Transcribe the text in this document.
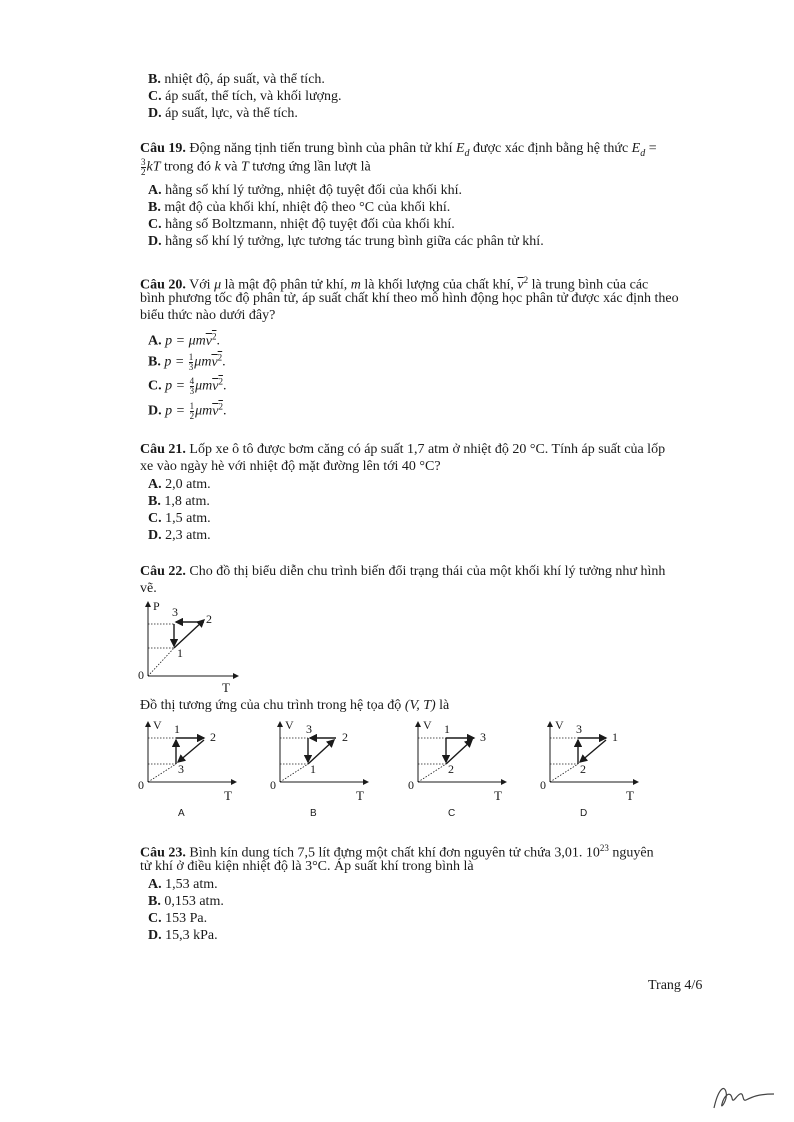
B. nhiệt độ, áp suất, và thể tích.
C. áp suất, thể tích, và khối lượng.
D. áp suất, lực, và thể tích.
Câu 19. Động năng tịnh tiến trung bình của phân tử khí $E_d$ được xác định bằng hệ thức $E_d$ =
$\frac{3}{2}$ kT trong đó k và T tương ứng lần lượt là
A. hằng số khí lý tưởng, nhiệt độ tuyệt đối của khối khí.
B. mật độ của khối khí, nhiệt độ theo °C của khối khí.
C. hằng số Boltzmann, nhiệt độ tuyệt đối của khối khí.
D. hằng số khí lý tưởng, lực tương tác trung bình giữa các phân tử khí.
Câu 20. Với μ là mật độ phân tử khí, m là khối lượng của chất khí, $\overline{v}^2$ là trung bình của các
bình phương tốc độ phân tử, áp suất chất khí theo mô hình động học phân tử được xác định theo
biểu thức nào dưới đây?
A. p = μmv$^2$.
B. $p = \frac{1}{3} \mu mv^2$.
C. $p = \frac{4}{3} \mu mv^2$.
D. $p = \frac{1}{2} \mu mv^2$.
Câu 21. Lốp xe ô tô được bơm căng có áp suất 1,7 atm ở nhiệt độ 20 °C. Tính áp suất của lốp
xe vào ngày hè với nhiệt độ mặt đường lên tới 40 °C?
A. 2,0 atm.
B. 1,8 atm.
C. 1,5 atm.
D. 2,3 atm.
Câu 22. Cho đồ thị biểu diễn chu trình biến đổi trạng thái của một khối khí lý tưởng như hình
vẽ.
P 3 2
1
0
T
Đồ thị tương ứng của chu trình trong hệ tọa độ (V, T) là
V 1
2
3
0
T
A
V 3
2
1
0
T
B
V 1
3
2
0
T
C
V 3
1
2
0
T
D
Câu 23. Bình kín dung tích 7,5 lít đựng một chất khí đơn nguyên tử chứa 3,01. $10^{23}$ nguyên
tử khí ở điều kiện nhiệt độ là 3°C. Áp suất khí trong bình là
A. 1,53 atm.
B. 0,153 atm.
C. 153 Pa.
D. 15,3 kPa.
Trang 4/6
